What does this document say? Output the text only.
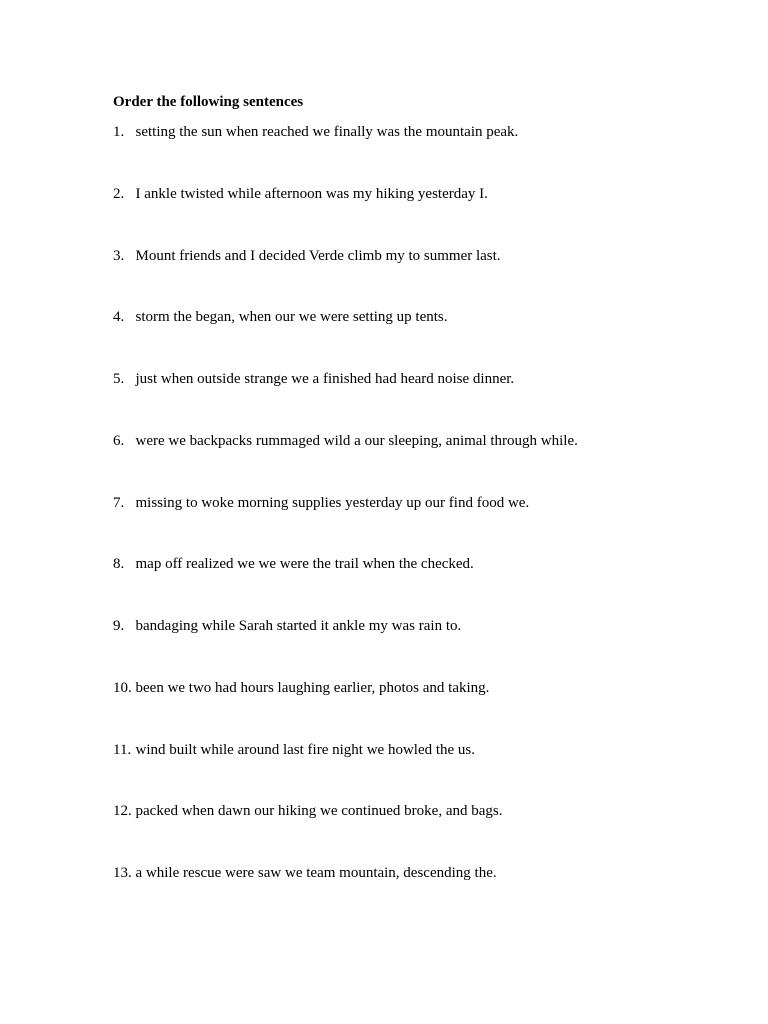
Order the following sentences
1. setting the sun when reached we finally was the mountain peak.
2. I ankle twisted while afternoon was my hiking yesterday I.
3. Mount friends and I decided Verde climb my to summer last.
4. storm the began, when our we were setting up tents.
5. just when outside strange we a finished had heard noise dinner.
6. were we backpacks rummaged wild a our sleeping, animal through while.
7. missing to woke morning supplies yesterday up our find food we.
8. map off realized we we were the trail when the checked.
9. bandaging while Sarah started it ankle my was rain to.
10. been we two had hours laughing earlier, photos and taking.
11. wind built while around last fire night we howled the us.
12. packed when dawn our hiking we continued broke, and bags.
13. a while rescue were saw we team mountain, descending the.
